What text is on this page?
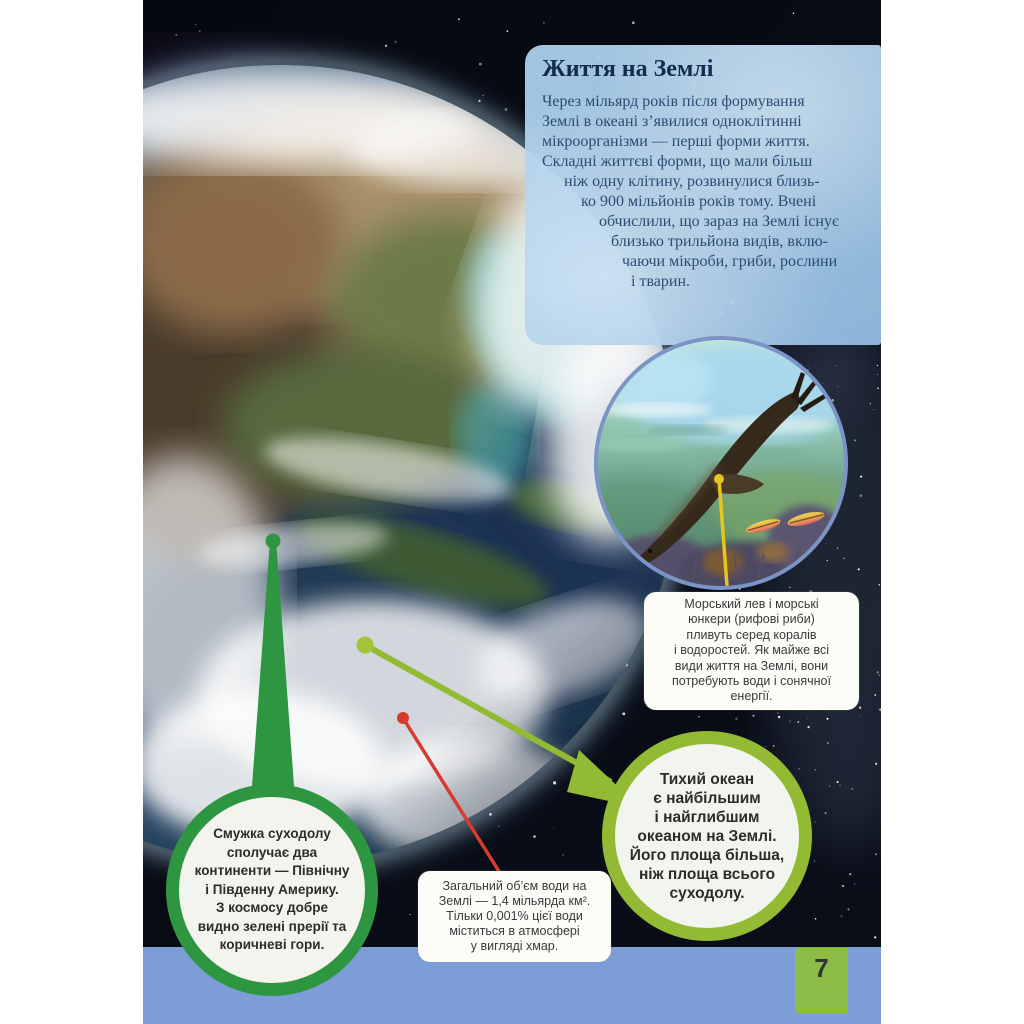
Життя на Землі
Через мільярд років після формування
Землі в океані з’явилися одноклітинні
мікроорганізми — перші форми життя.
Складні життєві форми, що мали більш
ніж одну клітину, розвинулися близь-
ко 900 мільйонів років тому. Вчені
обчислили, що зараз на Землі існує
близько трильйона видів, вклю-
чаючи мікроби, гриби, рослини
і тварин.
Морський лев і морські
юнкери (рифові риби)
пливуть серед коралів
і водоростей. Як майже всі
види життя на Землі, вони
потребують води і сонячної
енергії.
Загальний об’єм води на
Землі — 1,4 мільярда км².
Тільки 0,001% цієї води
міститься в атмосфері
у вигляді хмар.
Тихий океан
є найбільшим
і найглибшим
океаном на Землі.
Його площа більша,
ніж площа всього
суходолу.
Смужка суходолу
сполучає два
континенти — Північну
і Південну Америку.
З космосу добре
видно зелені прерії та
коричневі гори.
7
